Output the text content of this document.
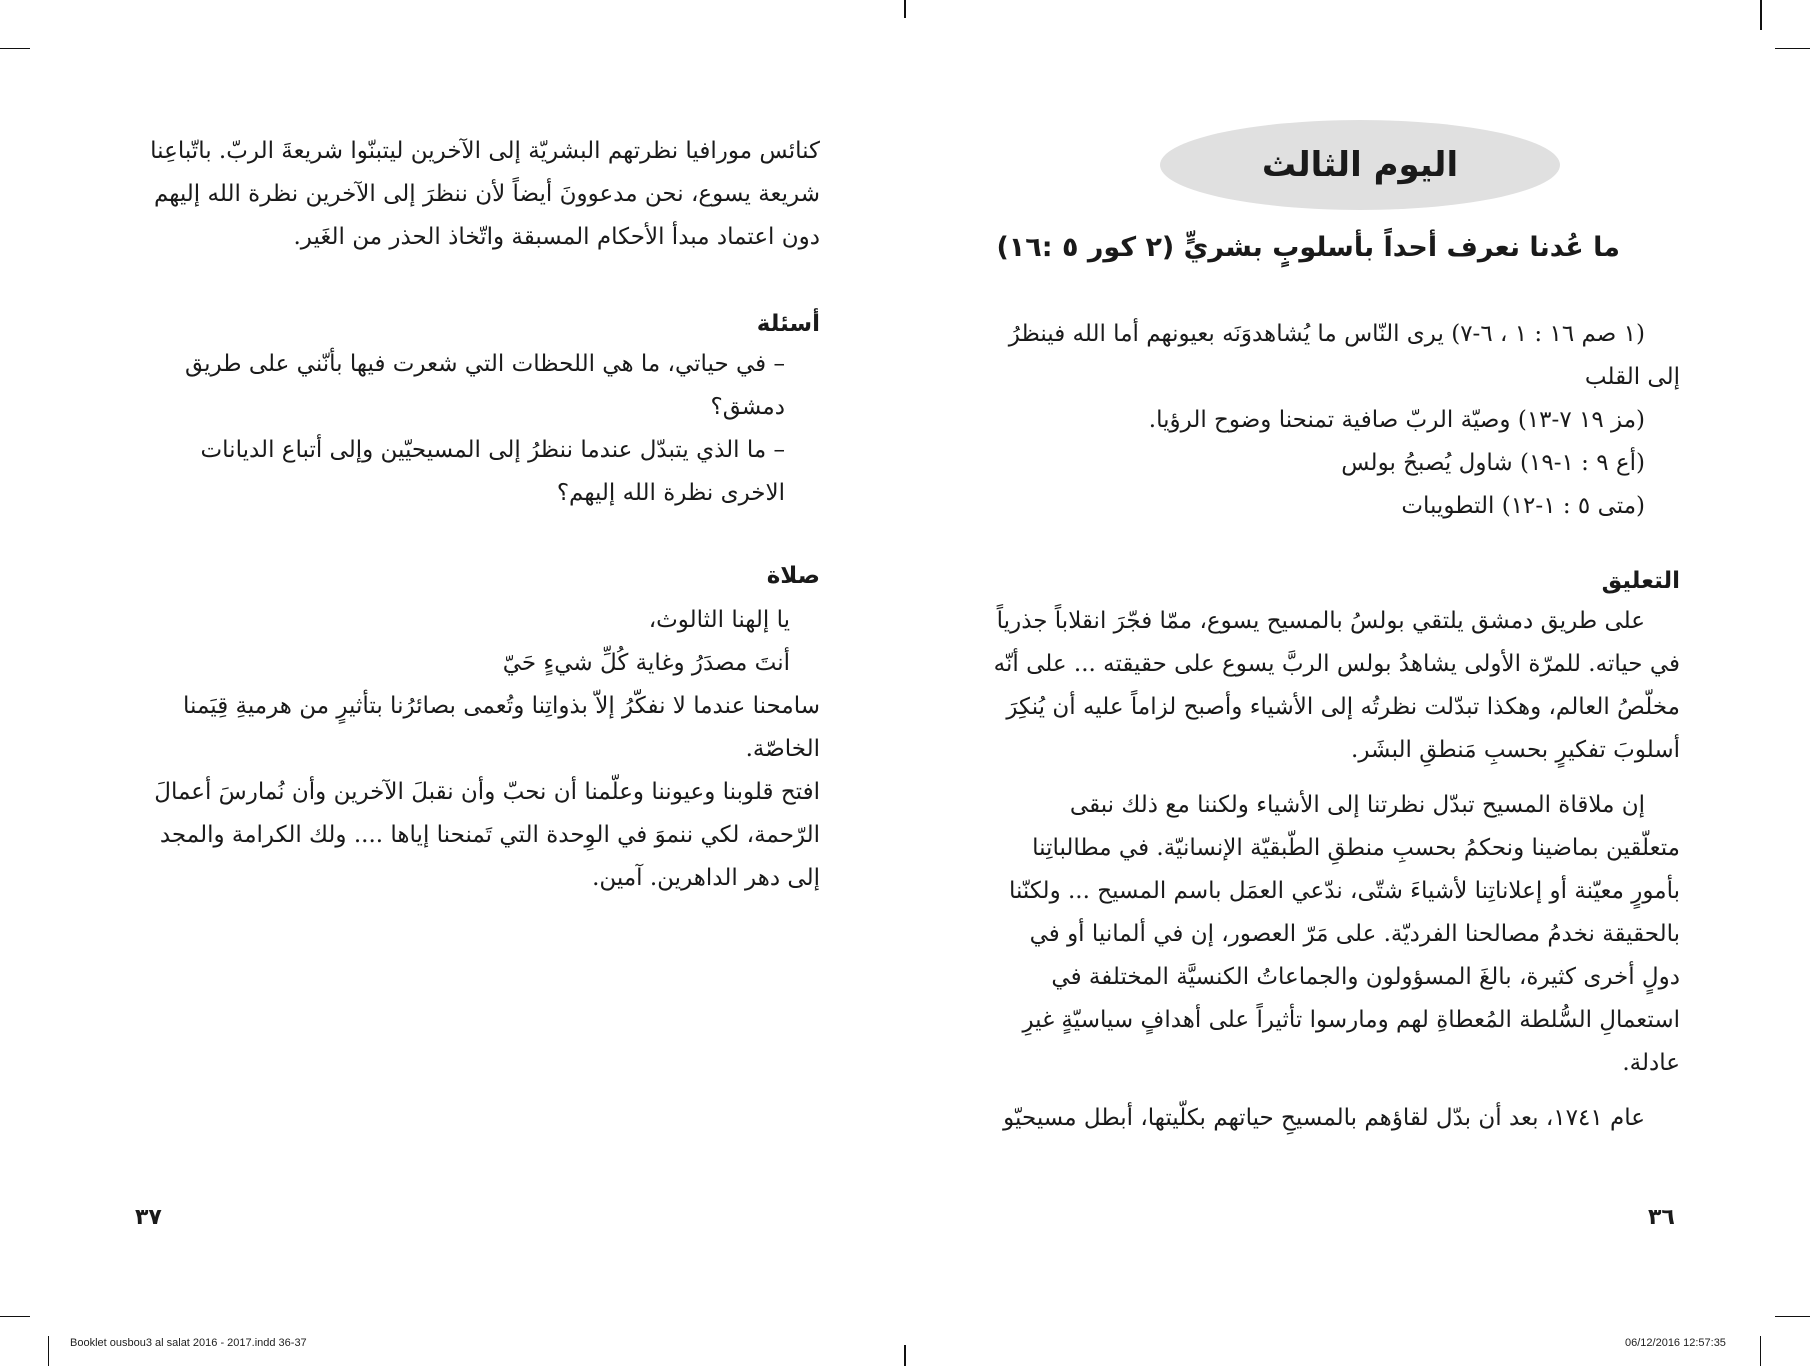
اليوم الثالث
ما عُدنا نعرف أحداً بأسلوبٍ بشريٍّ (٢ كور ٥ :١٦)
(١ صم ١٦ : ١ ، ٦-٧) يرى النّاس ما يُشاهدوَنَه بعيونهم أما الله فينظرُ
إلى القلب
(مز ١٩ ٧-١٣) وصيّة الربّ صافية تمنحنا وضوح الرؤيا.
(أع ٩ : ١-١٩) شاول يُصبحُ بولس
(متى ٥ : ١-١٢) التطويبات
التعليق

على طريق دمشق يلتقي بولسُ بالمسيح يسوع، ممّا فجّرَ انقلاباً جذرياً في حياته. للمرّة الأولى يشاهدُ بولس الربَّ يسوع على حقيقته ... على أنّه مخلّصُ العالم، وهكذا تبدّلت نظرتُه إلى الأشياء وأصبح لزاماً عليه أن يُنكِرَ أسلوبَ تفكيرٍ بحسبِ مَنطقِ البشَر.

إن ملاقاة المسيح تبدّل نظرتنا إلى الأشياء ولكننا مع ذلك نبقى متعلّقين بماضينا ونحكمُ بحسبِ منطقِ الطّبقيّة الإنسانيّة. في مطالباتِنا بأمورٍ معيّنة أو إعلاناتِنا لأشياءَ شتّى، ندّعي العمَل باسم المسيح ... ولكنّنا بالحقيقة نخدمُ مصالحنا الفرديّة. على مَرّ العصور، إن في ألمانيا أو في دولٍ أخرى كثيرة، بالغَ المسؤولون والجماعاتُ الكنسيَّة المختلفة في استعمالِ السُّلطة المُعطاةِ لهم ومارسوا تأثيراً على أهدافٍ سياسيّةٍ غيرِ عادلة.

عام ١٧٤١، بعد أن بدّل لقاؤهم بالمسيحِ حياتهم بكلّيتها، أبطل مسيحيّو

٣٦

كنائس مورافيا نظرتهم البشريّة إلى الآخرين ليتبنّوا شريعةَ الربّ. باتّباعِنا شريعة يسوع، نحن مدعوونَ أيضاً لأن ننظرَ إلى الآخرين نظرة الله إليهم دون اعتماد مبدأ الأحكام المسبقة واتّخاذ الحذر من الغَير.

أسئلة

– في حياتي، ما هي اللحظات التي شعرت فيها بأنّني على طريق دمشق؟

– ما الذي يتبدّل عندما ننظرُ إلى المسيحيّين وإلى أتباع الديانات الاخرى نظرة الله إليهم؟

صلاة
يا إلهنا الثالوث،
أنتَ مصدَرُ وغاية كُلِّ شيءٍ حَيّ

سامحنا عندما لا نفكّرُ إلاّ بذواتِنا وتُعمى بصائرُنا بتأثيرٍ من هرميةِ قِيَمنا الخاصّة.

افتح قلوبنا وعيوننا وعلّمنا أن نحبّ وأن نقبلَ الآخرين وأن نُمارسَ أعمالَ الرّحمة، لكي ننموَ في الوِحدة التي تَمنحنا إياها .... ولك الكرامة والمجد إلى دهر الداهرين. آمين.

٣٧
Booklet ousbou3 al salat 2016 - 2017.indd 36-37	06/12/2016 12:57:35
